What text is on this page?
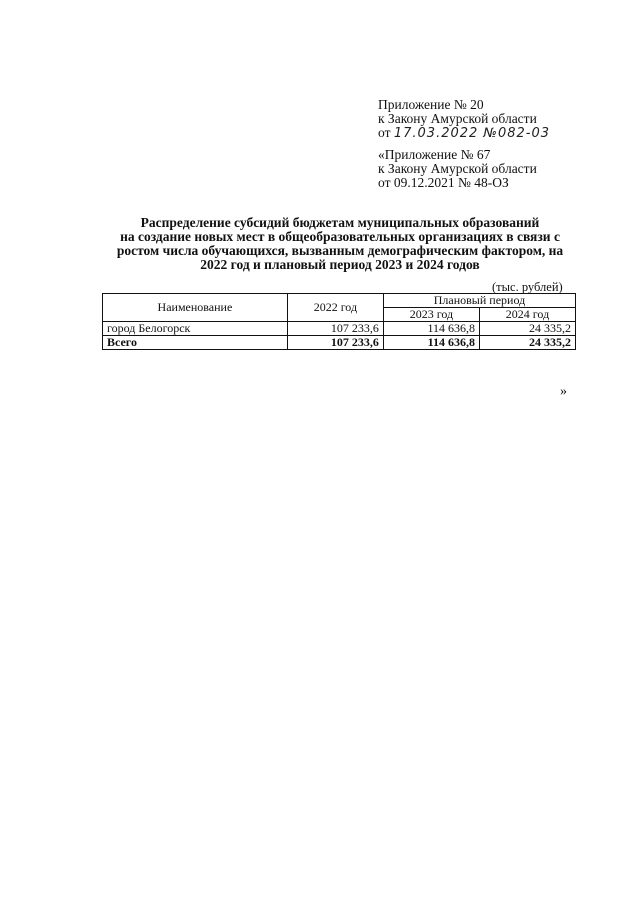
Приложение № 20
к Закону Амурской области
от 17.03.2022 №082-03
«Приложение № 67
к Закону Амурской области
от 09.12.2021 № 48-ОЗ
Распределение субсидий бюджетам муниципальных образований
на создание новых мест в общеобразовательных организациях в связи с
ростом числа обучающихся, вызванным демографическим фактором, на
2022 год и плановый период 2023 и 2024 годов
(тыс. рублей)
Наименование	2022 год	Плановый период	
		2023 год	2024 год
город Белогорск	107 233,6	114 636,8	24 335,2
Всего	107 233,6	114 636,8	24 335,2
»
